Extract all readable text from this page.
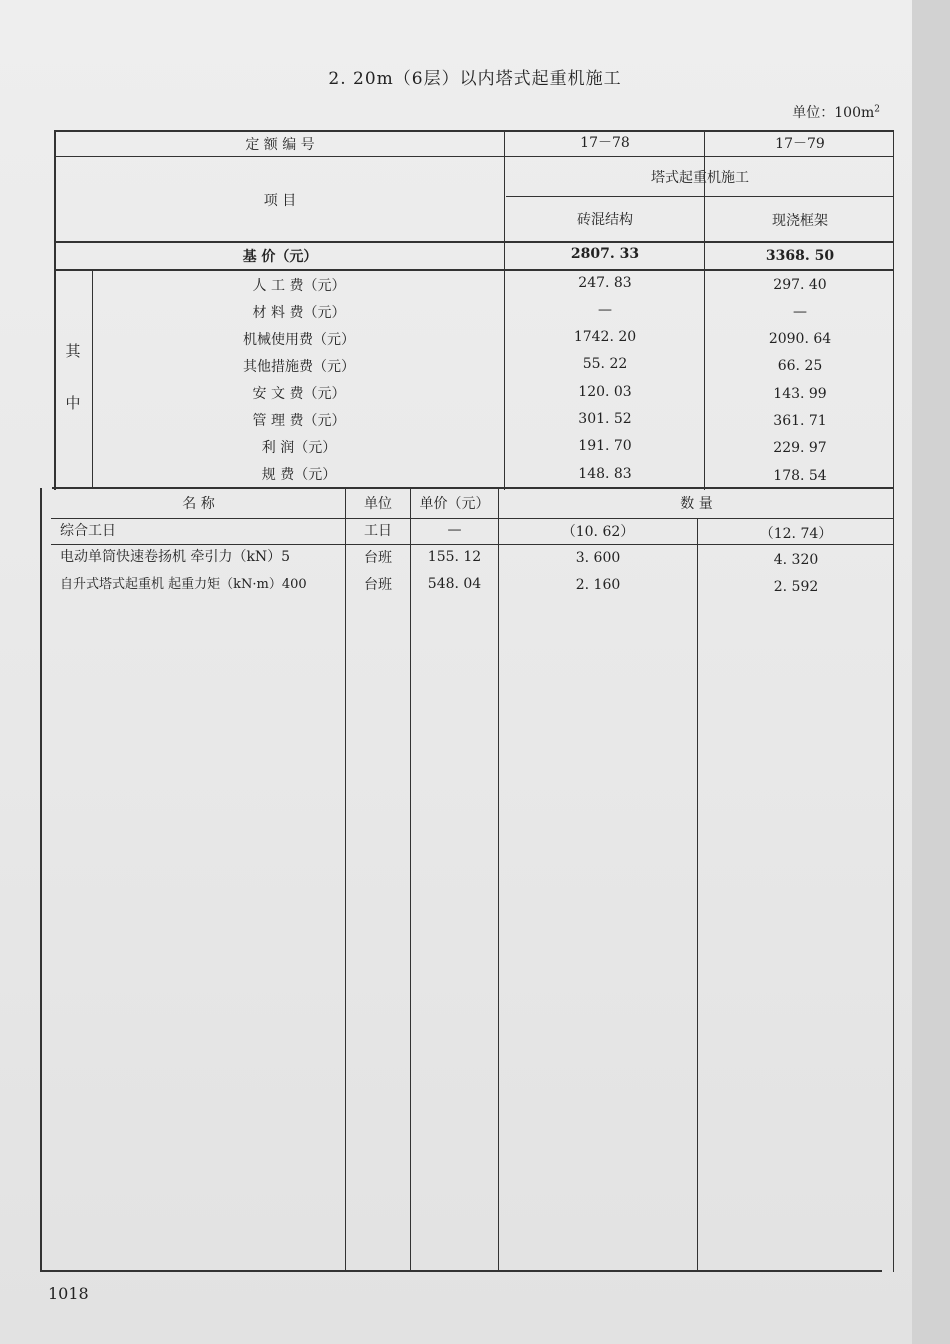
2. 20m（6层）以内塔式起重机施工
单位：$100m^2$
定 额 编 号	17－78	17－79
项 目
塔式起重机施工
砖混结构	现浇框架
基 价（元）	2807. 33	3368. 50
其
中
人 工 费（元）	247. 83	297. 40
材 料 费（元）	—	—
机械使用费（元）	1742. 20	2090. 64
其他措施费（元）	55. 22	66. 25
安 文 费（元）	120. 03	143. 99
管 理 费（元）	301. 52	361. 71
利 润（元）	191. 70	229. 97
规 费（元）	148. 83	178. 54
名 称	单位	单价（元）	数 量
综合工日	工日	—	（10. 62）	（12. 74）
电动单筒快速卷扬机 牵引力（kN）5	台班	155. 12	3. 600	4. 320
自升式塔式起重机 起重力矩（kN·m）400	台班	548. 04	2. 160	2. 592
1018
